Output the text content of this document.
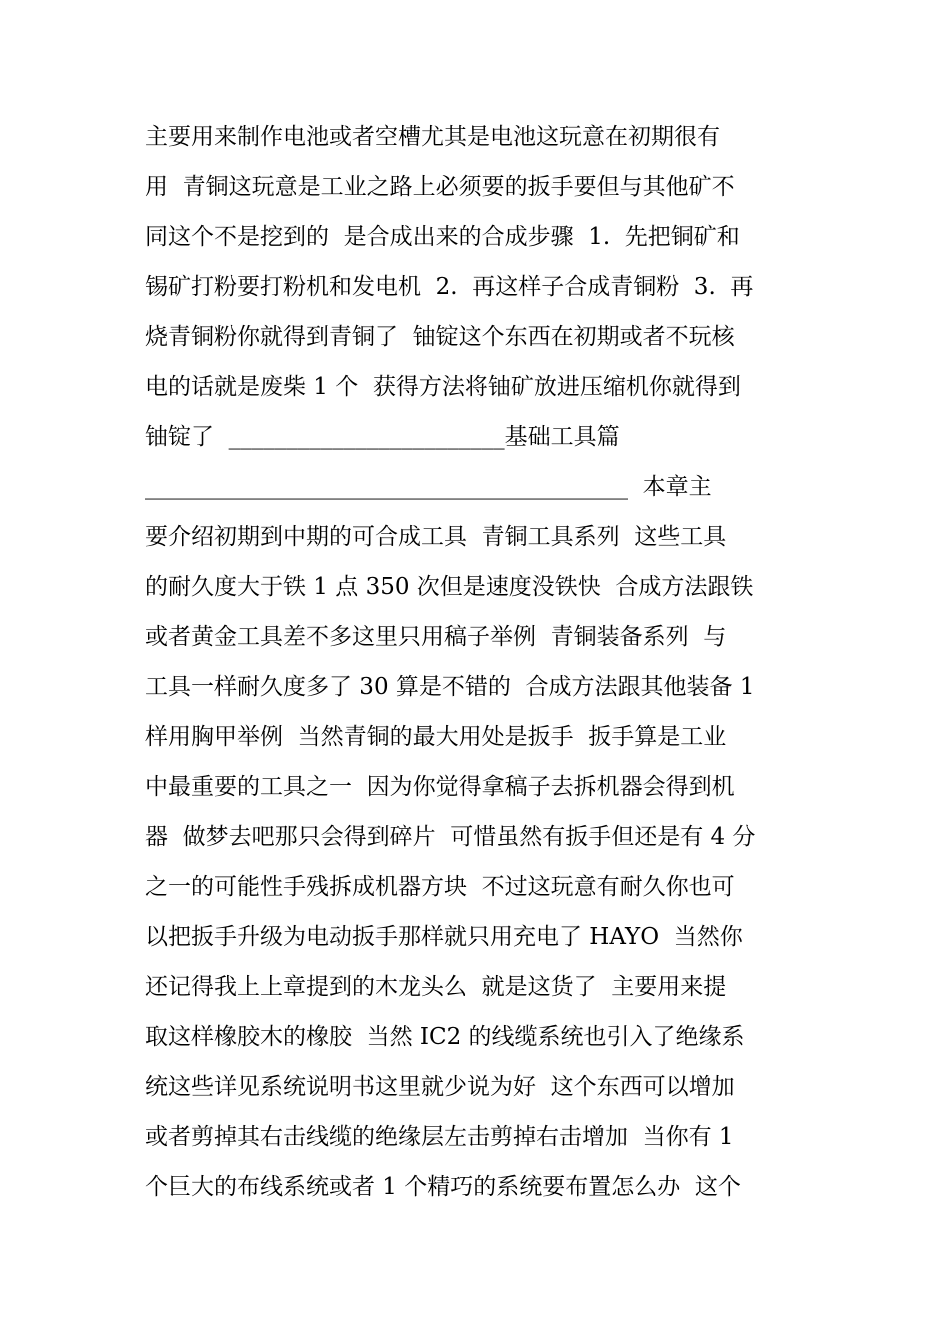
主要用来制作电池或者空槽尤其是电池这玩意在初期很有
用  青铜这玩意是工业之路上必须要的扳手要但与其他矿不
同这个不是挖到的  是合成出来的合成步骤  1.  先把铜矿和
锡矿打粉要打粉机和发电机  2.  再这样子合成青铜粉  3.  再
烧青铜粉你就得到青铜了  铀锭这个东西在初期或者不玩核
电的话就是废柴 1 个  获得方法将铀矿放进压缩机你就得到
铀锭了  ________________________基础工具篇
__________________________________________  本章主
要介绍初期到中期的可合成工具  青铜工具系列  这些工具
的耐久度大于铁 1 点 350 次但是速度没铁快  合成方法跟铁
或者黄金工具差不多这里只用稿子举例  青铜装备系列  与
工具一样耐久度多了 30 算是不错的  合成方法跟其他装备 1
样用胸甲举例  当然青铜的最大用处是扳手  扳手算是工业
中最重要的工具之一  因为你觉得拿稿子去拆机器会得到机
器  做梦去吧那只会得到碎片  可惜虽然有扳手但还是有 4 分
之一的可能性手残拆成机器方块  不过这玩意有耐久你也可
以把扳手升级为电动扳手那样就只用充电了 HAYO  当然你
还记得我上上章提到的木龙头么  就是这货了  主要用来提
取这样橡胶木的橡胶  当然 IC2 的线缆系统也引入了绝缘系
统这些详见系统说明书这里就少说为好  这个东西可以增加
或者剪掉其右击线缆的绝缘层左击剪掉右击增加  当你有 1
个巨大的布线系统或者 1 个精巧的系统要布置怎么办  这个
